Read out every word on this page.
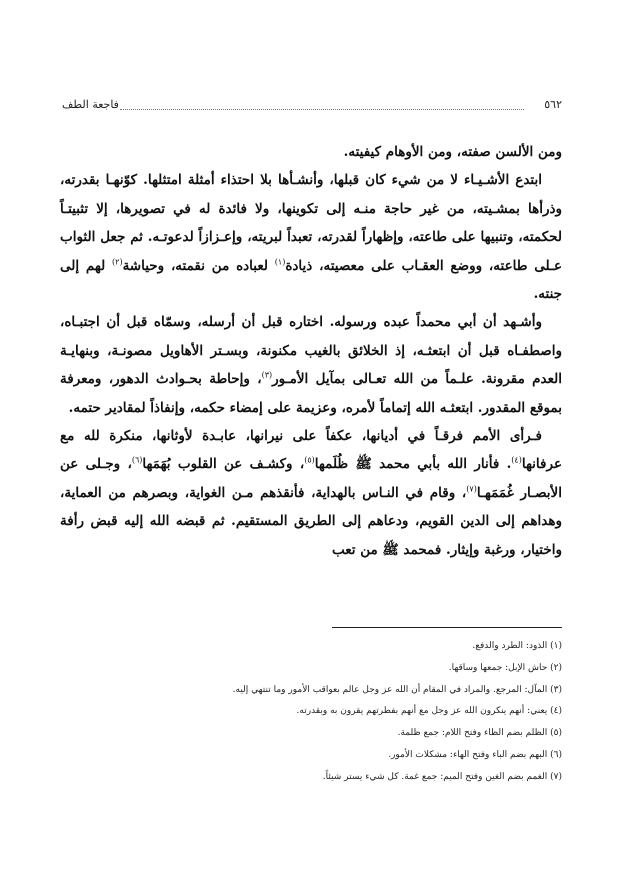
٥٦٢
فاجعة الطف

ومن الألسن صفته، ومن الأوهام كيفيته.

ابتدع الأشـيـاء لا من شيء كان قبلها، وأنشـأها بلا احتذاء أمثلة امتثلها. كوّنهـا بقدرته، وذرأها بمشـيته، من غير حاجة منـه إلى تكوينها، ولا فائدة له في تصويرها، إلا تثبيتـاً لحكمته، وتنبيها على طاعته، وإظهاراً لقدرته، تعبداً لبريته، وإعـزازاً لدعوتـه. ثم جعل الثواب عـلى طاعته، ووضع العقـاب على معصيته، ذيادة$^{(١)}$ لعباده من نقمته، وحياشة$^{(٢)}$ لهم إلى جنته.

وأشـهد أن أبي محمداً عبده ورسوله. اختاره قبل أن أرسله، وسمّاه قبل أن اجتبـاه، واصطفـاه قبل أن ابتعثـه، إذ الخلائق بالغيب مكنونة، وبسـتر الأهاويل مصونـة، وبنهايـة العدم مقرونة. علـماً من الله تعـالى بمآيل الأمـور$^{(٣)}$، وإحاطة بحـوادث الدهور، ومعرفة بموقع المقدور. ابتعثـه الله إتماماً لأمره، وعزيمة على إمضاء حكمه، وإنفاذاً لمقادير حتمه.

فـرأى الأمم فرقـاً في أديانها، عكفاً على نيرانها، عابـدة لأوثانها، منكرة لله مع عرفانها$^{(٤)}$. فأنار الله بأبي محمد ﷺ ظُلَمها$^{(٥)}$، وكشـف عن القلوب بُهَمَها$^{(٦)}$، وجـلى عن الأبصـار غُمَمَهـا$^{(٧)}$، وقام في النـاس بالهداية، فأنقذهم مـن الغواية، وبصرهم من العماية، وهداهم إلى الدين القويم، ودعاهم إلى الطريق المستقيم. ثم قبضه الله إليه قبض رأفة واختيار، ورغبة وإيثار. فمحمد ﷺ من تعب

(١) الذود: الطرد والدفع.
(٢) حاش الإبل: جمعها وساقها.
(٣) المآل: المرجع. والمراد في المقام أن الله عز وجل عالم بعواقب الأمور وما تنتهي إليه.
(٤) يعني: أنهم ينكرون الله عز وجل مع أنهم بفطرتهم يقرون به وبقدرته.
(٥) الظلم بضم الظاء وفتح اللام: جمع ظلمة.
(٦) البهم بضم الباء وفتح الهاء: مشكلات الأمور.
(٧) الغمم بضم الغين وفتح الميم: جمع غمة. كل شيء يستر شيئاً.
